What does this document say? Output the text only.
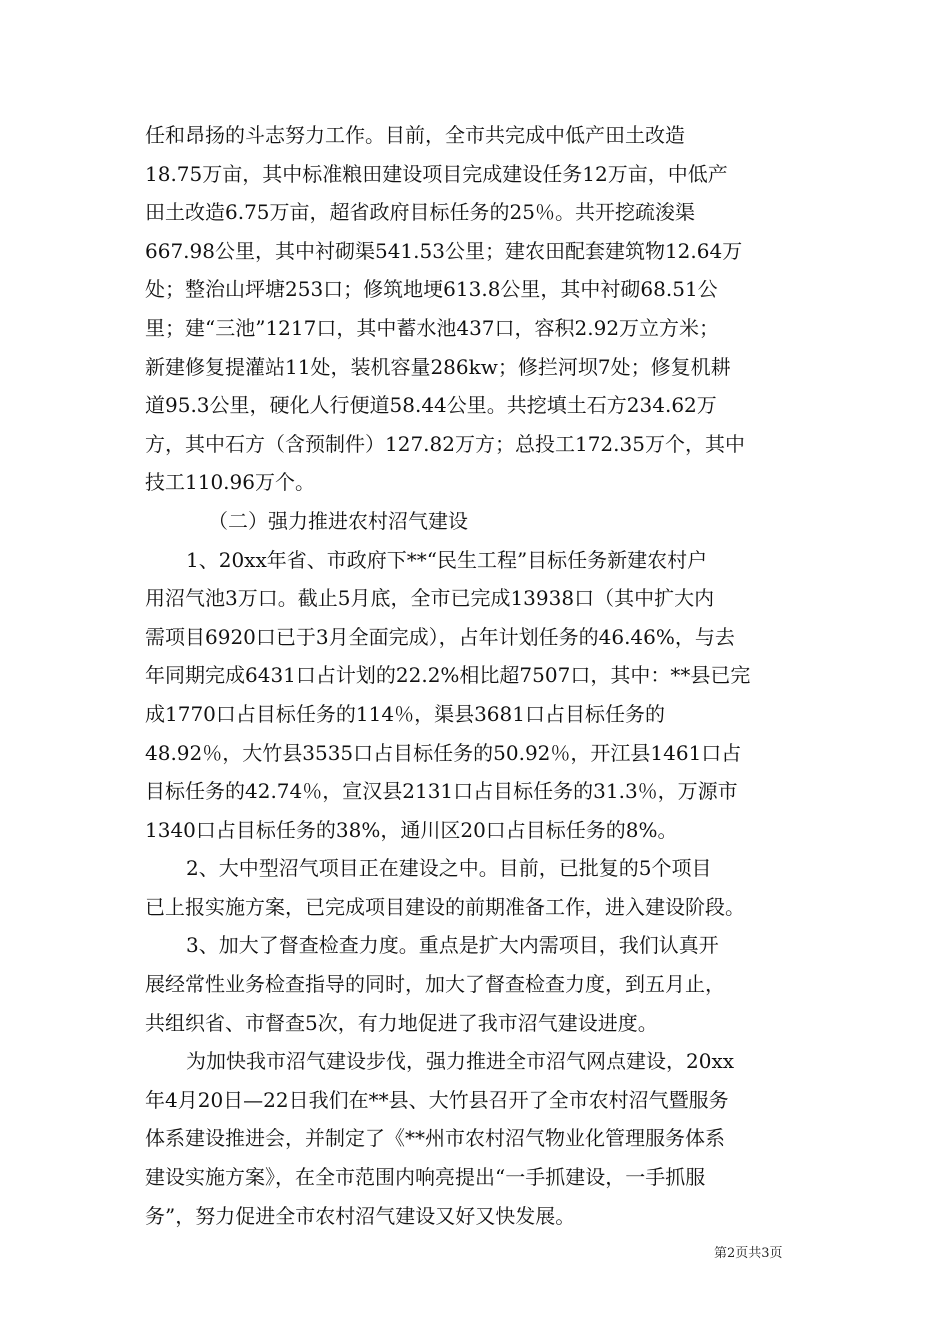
任和昂扬的斗志努力工作。目前，全市共完成中低产田土改造
18.75万亩，其中标准粮田建设项目完成建设任务12万亩，中低产
田土改造6.75万亩，超省政府目标任务的25％。共开挖疏浚渠
667.98公里，其中衬砌渠541.53公里；建农田配套建筑物12.64万
处；整治山坪塘253口；修筑地埂613.8公里，其中衬砌68.51公
里；建“三池”1217口，其中蓄水池437口，容积2.92万立方米；
新建修复提灌站11处，装机容量286kw；修拦河坝7处；修复机耕
道95.3公里，硬化人行便道58.44公里。共挖填土石方234.62万
方，其中石方（含预制件）127.82万方；总投工172.35万个，其中
技工110.96万个。
（二）强力推进农村沼气建设
1、20xx年省、市政府下**“民生工程”目标任务新建农村户
用沼气池3万口。截止5月底，全市已完成13938口（其中扩大内
需项目6920口已于3月全面完成），占年计划任务的46.46%，与去
年同期完成6431口占计划的22.2%相比超7507口，其中：**县已完
成1770口占目标任务的114％，渠县3681口占目标任务的
48.92％，大竹县3535口占目标任务的50.92％，开江县1461口占
目标任务的42.74％，宣汉县2131口占目标任务的31.3％，万源市
1340口占目标任务的38%，通川区20口占目标任务的8%。
2、大中型沼气项目正在建设之中。目前，已批复的5个项目
已上报实施方案，已完成项目建设的前期准备工作，进入建设阶段。
3、加大了督查检查力度。重点是扩大内需项目，我们认真开
展经常性业务检查指导的同时，加大了督查检查力度，到五月止，
共组织省、市督查5次，有力地促进了我市沼气建设进度。
为加快我市沼气建设步伐，强力推进全市沼气网点建设，20xx
年4月20日—22日我们在**县、大竹县召开了全市农村沼气暨服务
体系建设推进会，并制定了《**州市农村沼气物业化管理服务体系
建设实施方案》，在全市范围内响亮提出“一手抓建设，一手抓服
务”，努力促进全市农村沼气建设又好又快发展。
第2页共3页
